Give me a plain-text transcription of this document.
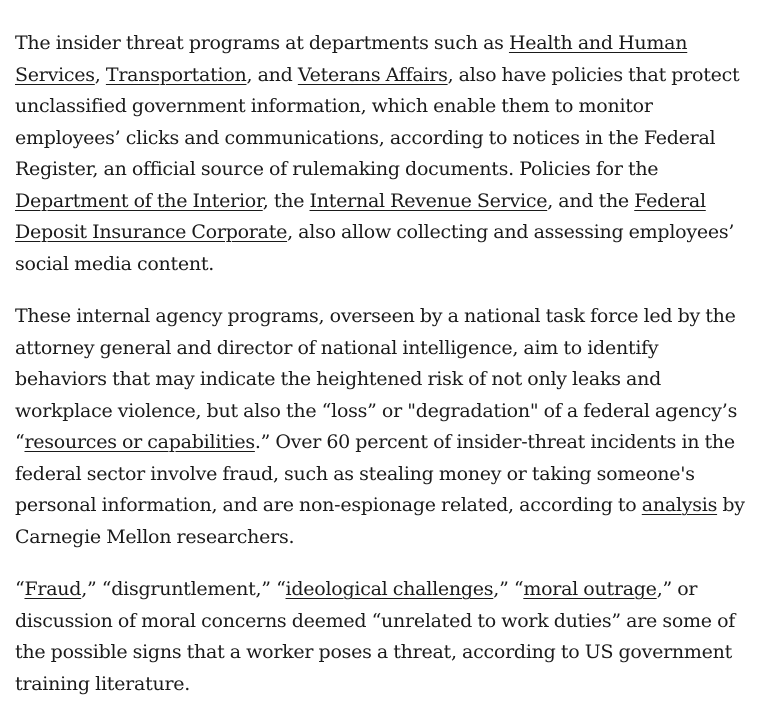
The insider threat programs at departments such as Health and Human Services, Transportation, and Veterans Affairs, also have policies that protect unclassified government information, which enable them to monitor employees’ clicks and communications, according to notices in the Federal Register, an official source of rulemaking documents. Policies for the Department of the Interior, the Internal Revenue Service, and the Federal Deposit Insurance Corporate, also allow collecting and assessing employees’ social media content.

These internal agency programs, overseen by a national task force led by the attorney general and director of national intelligence, aim to identify behaviors that may indicate the heightened risk of not only leaks and workplace violence, but also the “loss” or "degradation" of a federal agency’s “resources or capabilities.” Over 60 percent of insider-threat incidents in the federal sector involve fraud, such as stealing money or taking someone's personal information, and are non-espionage related, according to analysis by Carnegie Mellon researchers.

“Fraud,” “disgruntlement,” “ideological challenges,” “moral outrage,” or discussion of moral concerns deemed “unrelated to work duties” are some of the possible signs that a worker poses a threat, according to US government training literature.
